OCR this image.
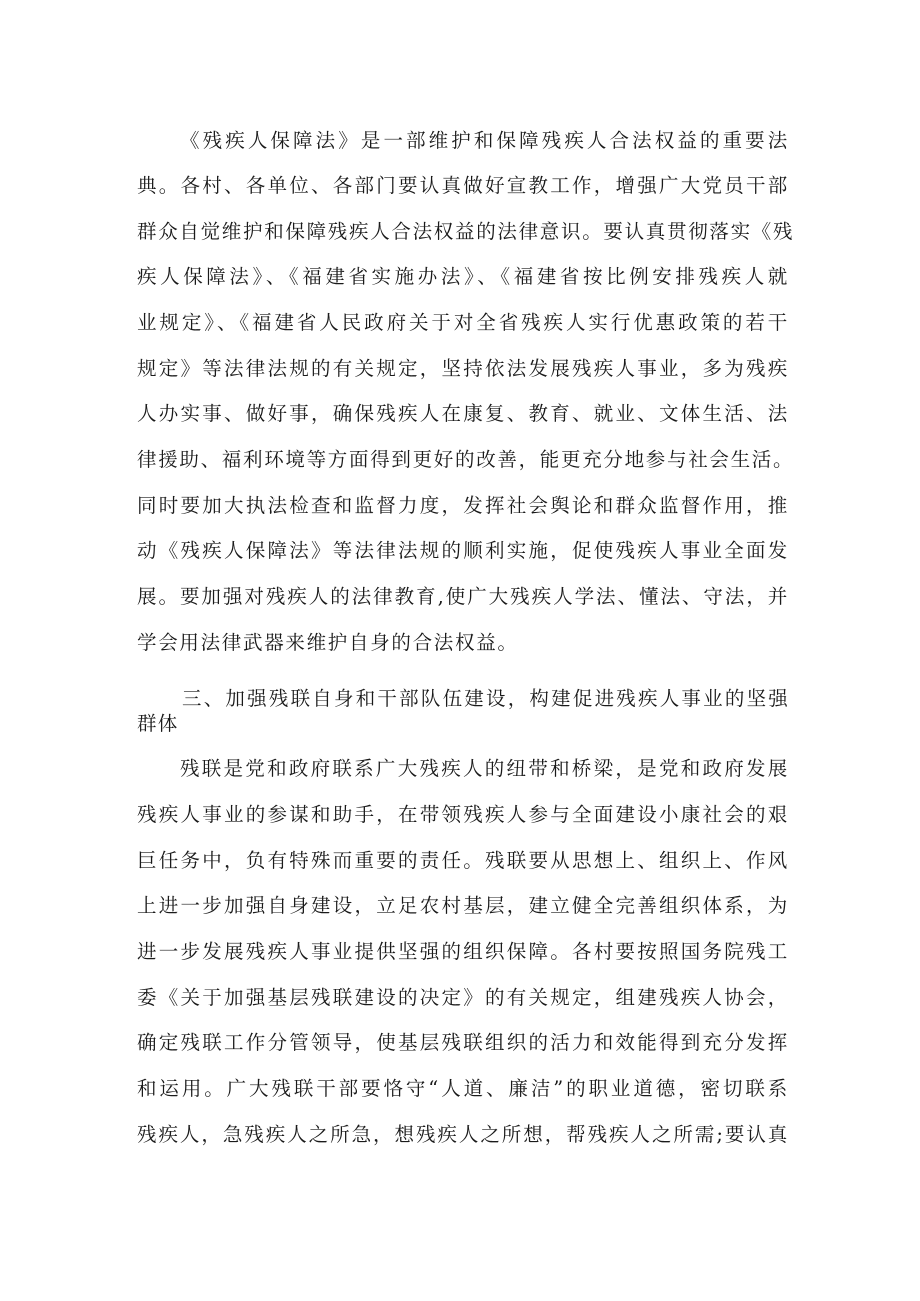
《残疾人保障法》是一部维护和保障残疾人合法权益的重要法
典。各村、各单位、各部门要认真做好宣教工作，增强广大党员干部
群众自觉维护和保障残疾人合法权益的法律意识。要认真贯彻落实《残
疾人保障法》、《福建省实施办法》、《福建省按比例安排残疾人就
业规定》、《福建省人民政府关于对全省残疾人实行优惠政策的若干
规定》等法律法规的有关规定，坚持依法发展残疾人事业，多为残疾
人办实事、做好事，确保残疾人在康复、教育、就业、文体生活、法
律援助、福利环境等方面得到更好的改善，能更充分地参与社会生活。
同时要加大执法检查和监督力度，发挥社会舆论和群众监督作用，推
动《残疾人保障法》等法律法规的顺利实施，促使残疾人事业全面发
展。要加强对残疾人的法律教育,使广大残疾人学法、懂法、守法，并
学会用法律武器来维护自身的合法权益。
三、加强残联自身和干部队伍建设，构建促进残疾人事业的坚强
群体
残联是党和政府联系广大残疾人的纽带和桥梁，是党和政府发展
残疾人事业的参谋和助手，在带领残疾人参与全面建设小康社会的艰
巨任务中，负有特殊而重要的责任。残联要从思想上、组织上、作风
上进一步加强自身建设，立足农村基层，建立健全完善组织体系，为
进一步发展残疾人事业提供坚强的组织保障。各村要按照国务院残工
委《关于加强基层残联建设的决定》的有关规定，组建残疾人协会，
确定残联工作分管领导，使基层残联组织的活力和效能得到充分发挥
和运用。广大残联干部要恪守“人道、廉洁”的职业道德，密切联系
残疾人，急残疾人之所急，想残疾人之所想，帮残疾人之所需;要认真
